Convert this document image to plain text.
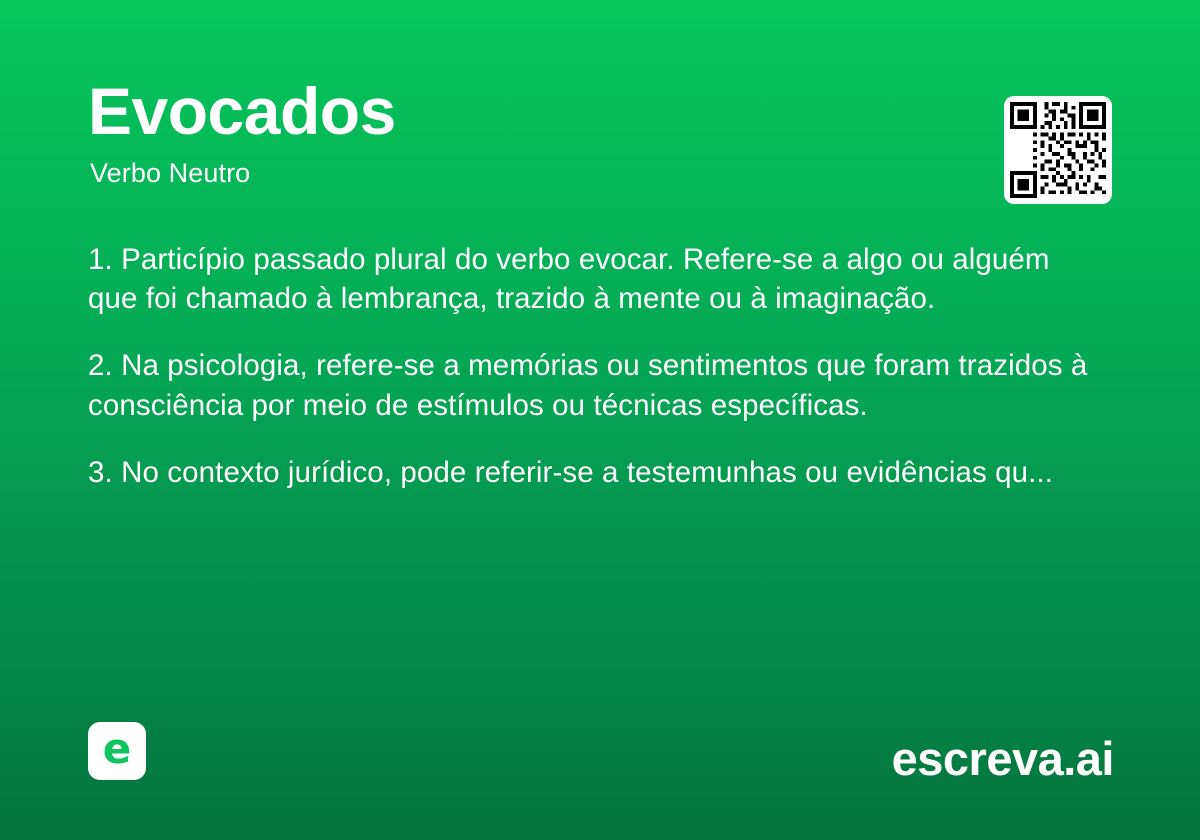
Evocados
Verbo Neutro

1. Particípio passado plural do verbo evocar. Refere-se a algo ou alguém que foi chamado à lembrança, trazido à mente ou à imaginação.

2. Na psicologia, refere-se a memórias ou sentimentos que foram trazidos à consciência por meio de estímulos ou técnicas específicas.

3. No contexto jurídico, pode referir-se a testemunhas ou evidências qu...

e	escreva.ai
